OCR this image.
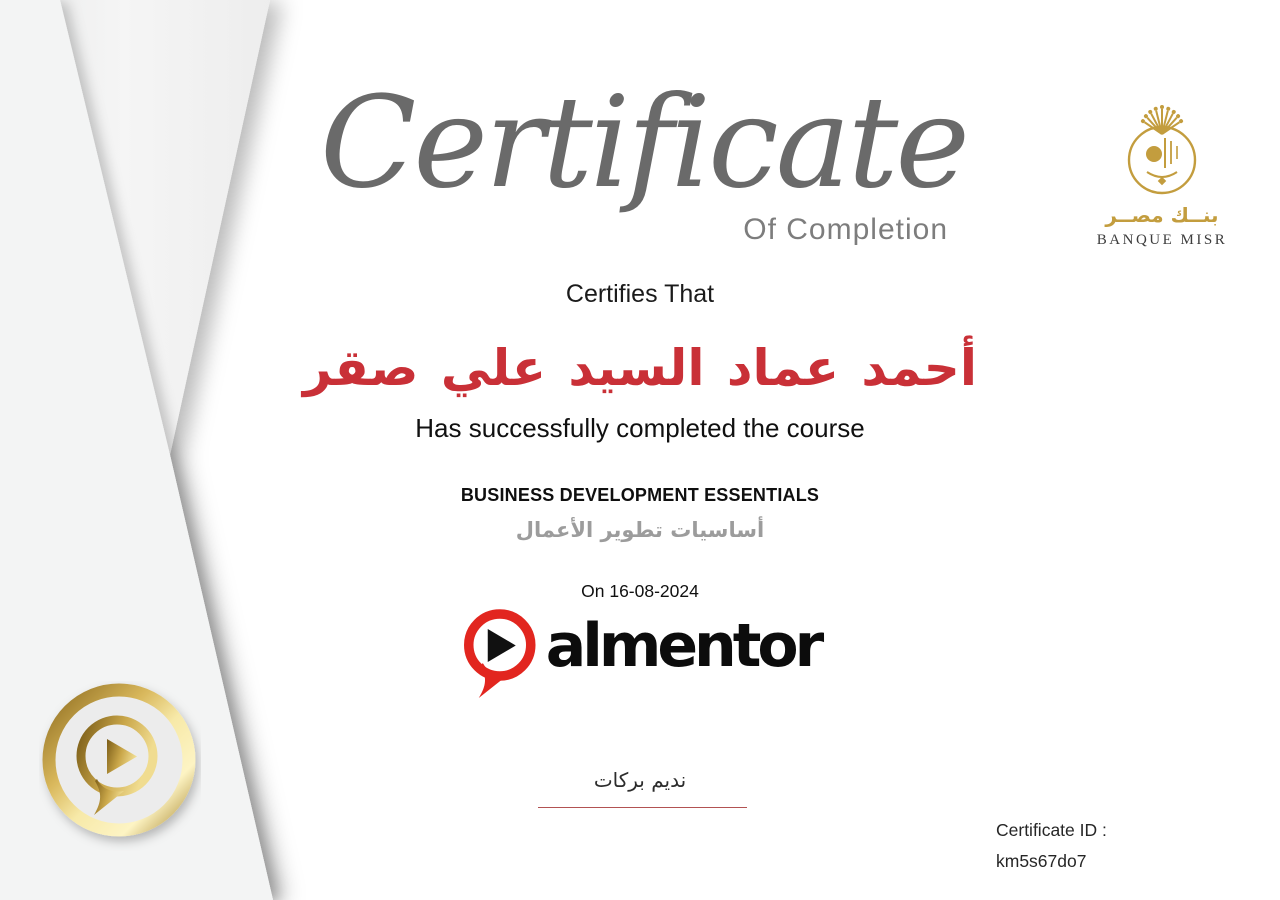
Certificate
Of Completion	بنــك مصــر
BANQUE MISR
Certifies That
أحمد عماد السيد علي صقر
Has successfully completed the course
BUSINESS DEVELOPMENT ESSENTIALS
أساسيات تطوير الأعمال
On 16-08-2024
almentor
نديم بركات
Certificate ID :
km5s67do7
